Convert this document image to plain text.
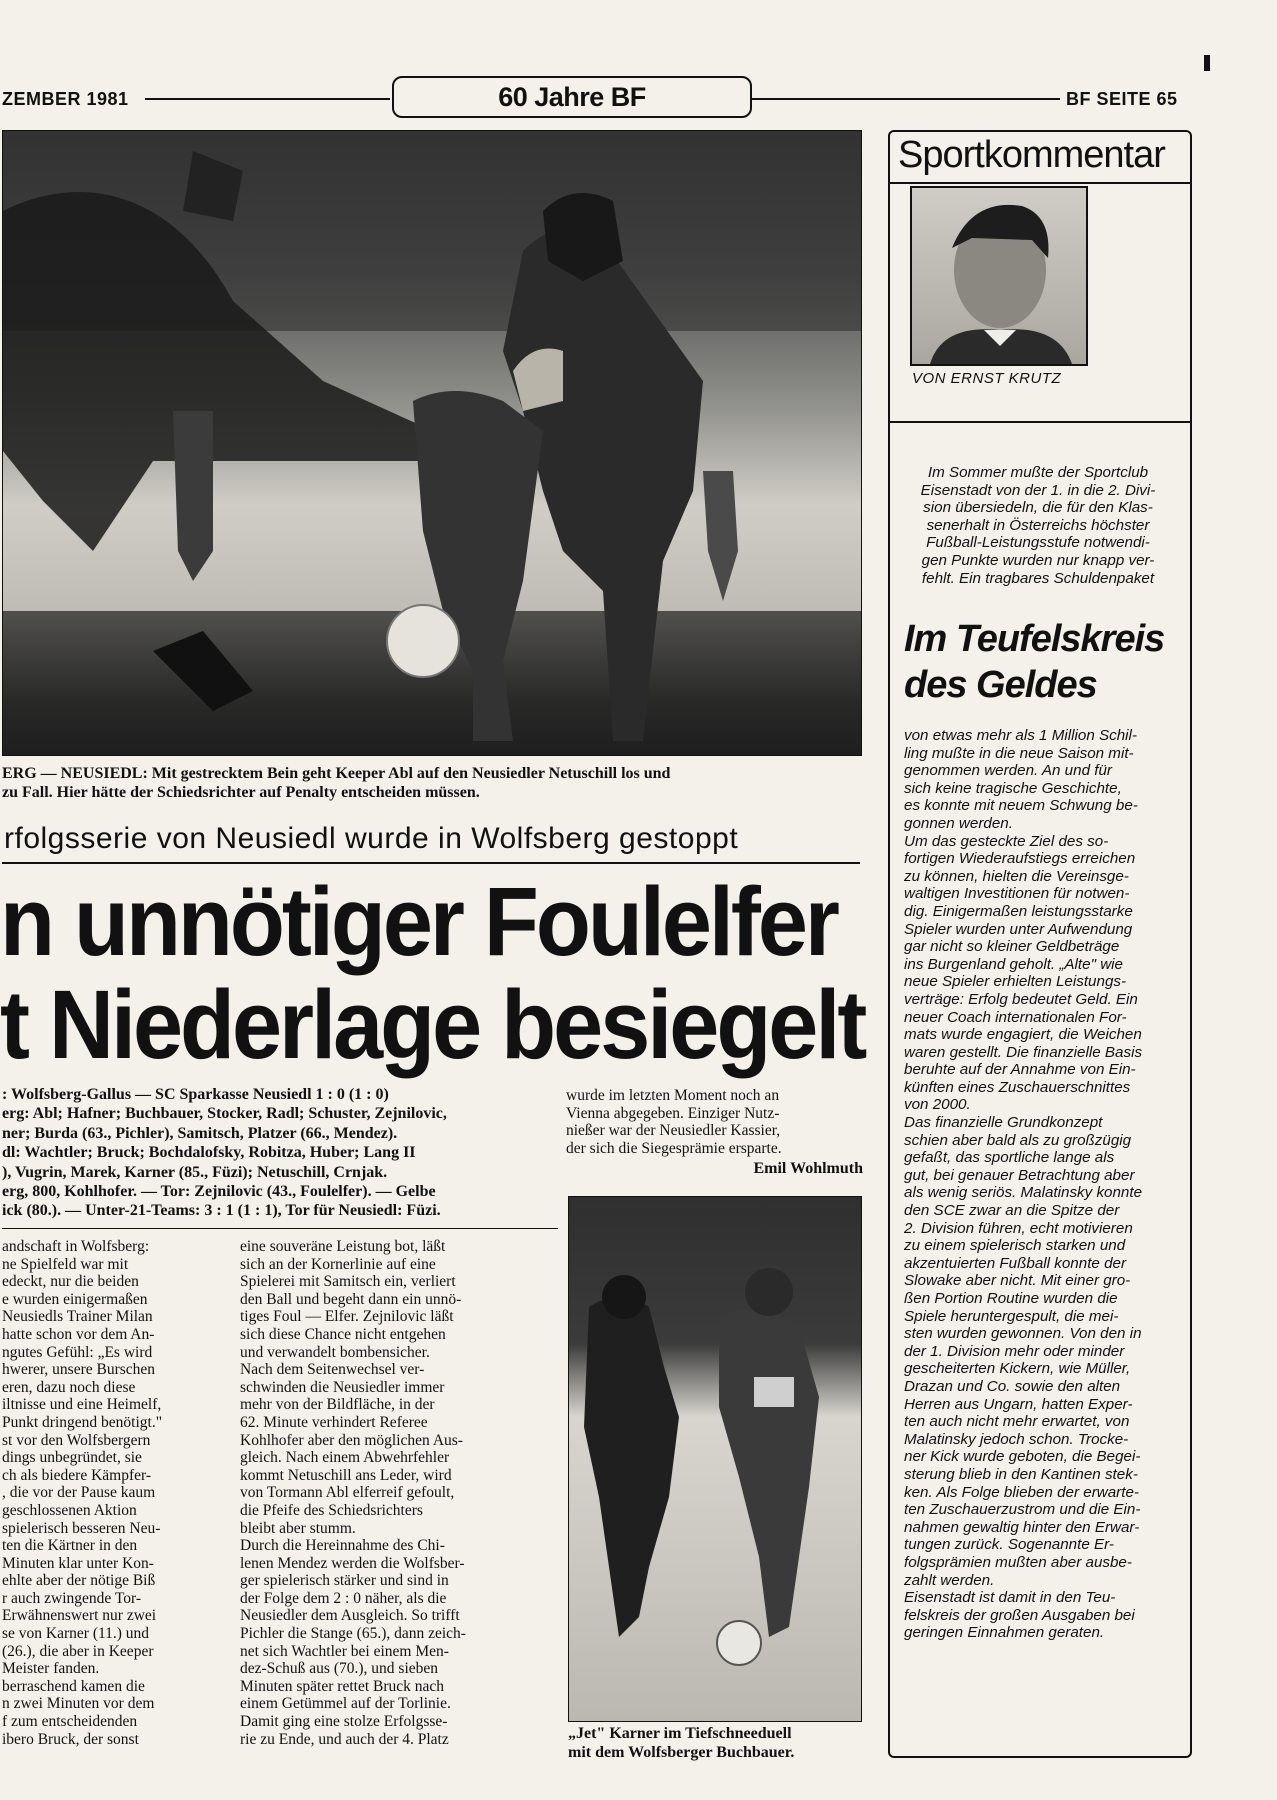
ZEMBER 1981	60 Jahre BF	BF SEITE 65
ERG — NEUSIEDL: Mit gestrecktem Bein geht Keeper Abl auf den Neusiedler Netuschill los und
zu Fall. Hier hätte der Schiedsrichter auf Penalty entscheiden müssen.
rfolgsserie von Neusiedl wurde in Wolfsberg gestoppt
n unnötiger Foulelfer
t Niederlage besiegelt
: Wolfsberg-Gallus — SC Sparkasse Neusiedl 1 : 0 (1 : 0)
erg: Abl; Hafner; Buchbauer, Stocker, Radl; Schuster, Zejnilovic,
ner; Burda (63., Pichler), Samitsch, Platzer (66., Mendez).
dl: Wachtler; Bruck; Bochdalofsky, Robitza, Huber; Lang II
), Vugrin, Marek, Karner (85., Füzi); Netuschill, Crnjak.
erg, 800, Kohlhofer. — Tor: Zejnilovic (43., Foulelfer). — Gelbe
ick (80.). — Unter-21-Teams: 3 : 1 (1 : 1), Tor für Neusiedl: Füzi.
wurde im letzten Moment noch an
Vienna abgegeben. Einziger Nutz-
nießer war der Neusiedler Kassier,
der sich die Siegesprämie ersparte.
Emil Wohlmuth
andschaft in Wolfsberg:
ne Spielfeld war mit
edeckt, nur die beiden
e wurden einigermaßen
Neusiedls Trainer Milan
hatte schon vor dem An-
ngutes Gefühl: „Es wird
hwerer, unsere Burschen
eren, dazu noch diese
iltnisse und eine Heimelf,
Punkt dringend benötigt."
st vor den Wolfsbergern
dings unbegründet, sie
ch als biedere Kämpfer-
, die vor der Pause kaum
geschlossenen Aktion
spielerisch besseren Neu-
ten die Kärtner in den
Minuten klar unter Kon-
ehlte aber der nötige Biß
r auch zwingende Tor-
Erwähnenswert nur zwei
se von Karner (11.) und
(26.), die aber in Keeper
Meister fanden.
berraschend kamen die
n zwei Minuten vor dem
f zum entscheidenden
ibero Bruck, der sonst
eine souveräne Leistung bot, läßt
sich an der Kornerlinie auf eine
Spielerei mit Samitsch ein, verliert
den Ball und begeht dann ein unnö-
tiges Foul — Elfer. Zejnilovic läßt
sich diese Chance nicht entgehen
und verwandelt bombensicher.
Nach dem Seitenwechsel ver-
schwinden die Neusiedler immer
mehr von der Bildfläche, in der
62. Minute verhindert Referee
Kohlhofer aber den möglichen Aus-
gleich. Nach einem Abwehrfehler
kommt Netuschill ans Leder, wird
von Tormann Abl elferreif gefoult,
die Pfeife des Schiedsrichters
bleibt aber stumm.
Durch die Hereinnahme des Chi-
lenen Mendez werden die Wolfsber-
ger spielerisch stärker und sind in
der Folge dem 2 : 0 näher, als die
Neusiedler dem Ausgleich. So trifft
Pichler die Stange (65.), dann zeich-
net sich Wachtler bei einem Men-
dez-Schuß aus (70.), und sieben
Minuten später rettet Bruck nach
einem Getümmel auf der Torlinie.
Damit ging eine stolze Erfolgsse-
rie zu Ende, und auch der 4. Platz	„Jet" Karner im Tiefschneeduell
mit dem Wolfsberger Buchbauer.
Sportkommentar
VON ERNST KRUTZ
Im Sommer mußte der Sportclub
Eisenstadt von der 1. in die 2. Divi-
sion übersiedeln, die für den Klas-
senerhalt in Österreichs höchster
Fußball-Leistungsstufe notwendi-
gen Punkte wurden nur knapp ver-
fehlt. Ein tragbares Schuldenpaket
Im Teufelskreis
des Geldes
von etwas mehr als 1 Million Schil-
ling mußte in die neue Saison mit-
genommen werden. An und für
sich keine tragische Geschichte,
es konnte mit neuem Schwung be-
gonnen werden.
Um das gesteckte Ziel des so-
fortigen Wiederaufstiegs erreichen
zu können, hielten die Vereinsge-
waltigen Investitionen für notwen-
dig. Einigermaßen leistungsstarke
Spieler wurden unter Aufwendung
gar nicht so kleiner Geldbeträge
ins Burgenland geholt. „Alte" wie
neue Spieler erhielten Leistungs-
verträge: Erfolg bedeutet Geld. Ein
neuer Coach internationalen For-
mats wurde engagiert, die Weichen
waren gestellt. Die finanzielle Basis
beruhte auf der Annahme von Ein-
künften eines Zuschauerschnittes
von 2000.
Das finanzielle Grundkonzept
schien aber bald als zu großzügig
gefaßt, das sportliche lange als
gut, bei genauer Betrachtung aber
als wenig seriös. Malatinsky konnte
den SCE zwar an die Spitze der
2. Division führen, echt motivieren
zu einem spielerisch starken und
akzentuierten Fußball konnte der
Slowake aber nicht. Mit einer gro-
ßen Portion Routine wurden die
Spiele heruntergespult, die mei-
sten wurden gewonnen. Von den in
der 1. Division mehr oder minder
gescheiterten Kickern, wie Müller,
Drazan und Co. sowie den alten
Herren aus Ungarn, hatten Exper-
ten auch nicht mehr erwartet, von
Malatinsky jedoch schon. Trocke-
ner Kick wurde geboten, die Begei-
sterung blieb in den Kantinen stek-
ken. Als Folge blieben der erwarte-
ten Zuschauerzustrom und die Ein-
nahmen gewaltig hinter den Erwar-
tungen zurück. Sogenannte Er-
folgsprämien mußten aber ausbe-
zahlt werden.
Eisenstadt ist damit in den Teu-
felskreis der großen Ausgaben bei
geringen Einnahmen geraten.
